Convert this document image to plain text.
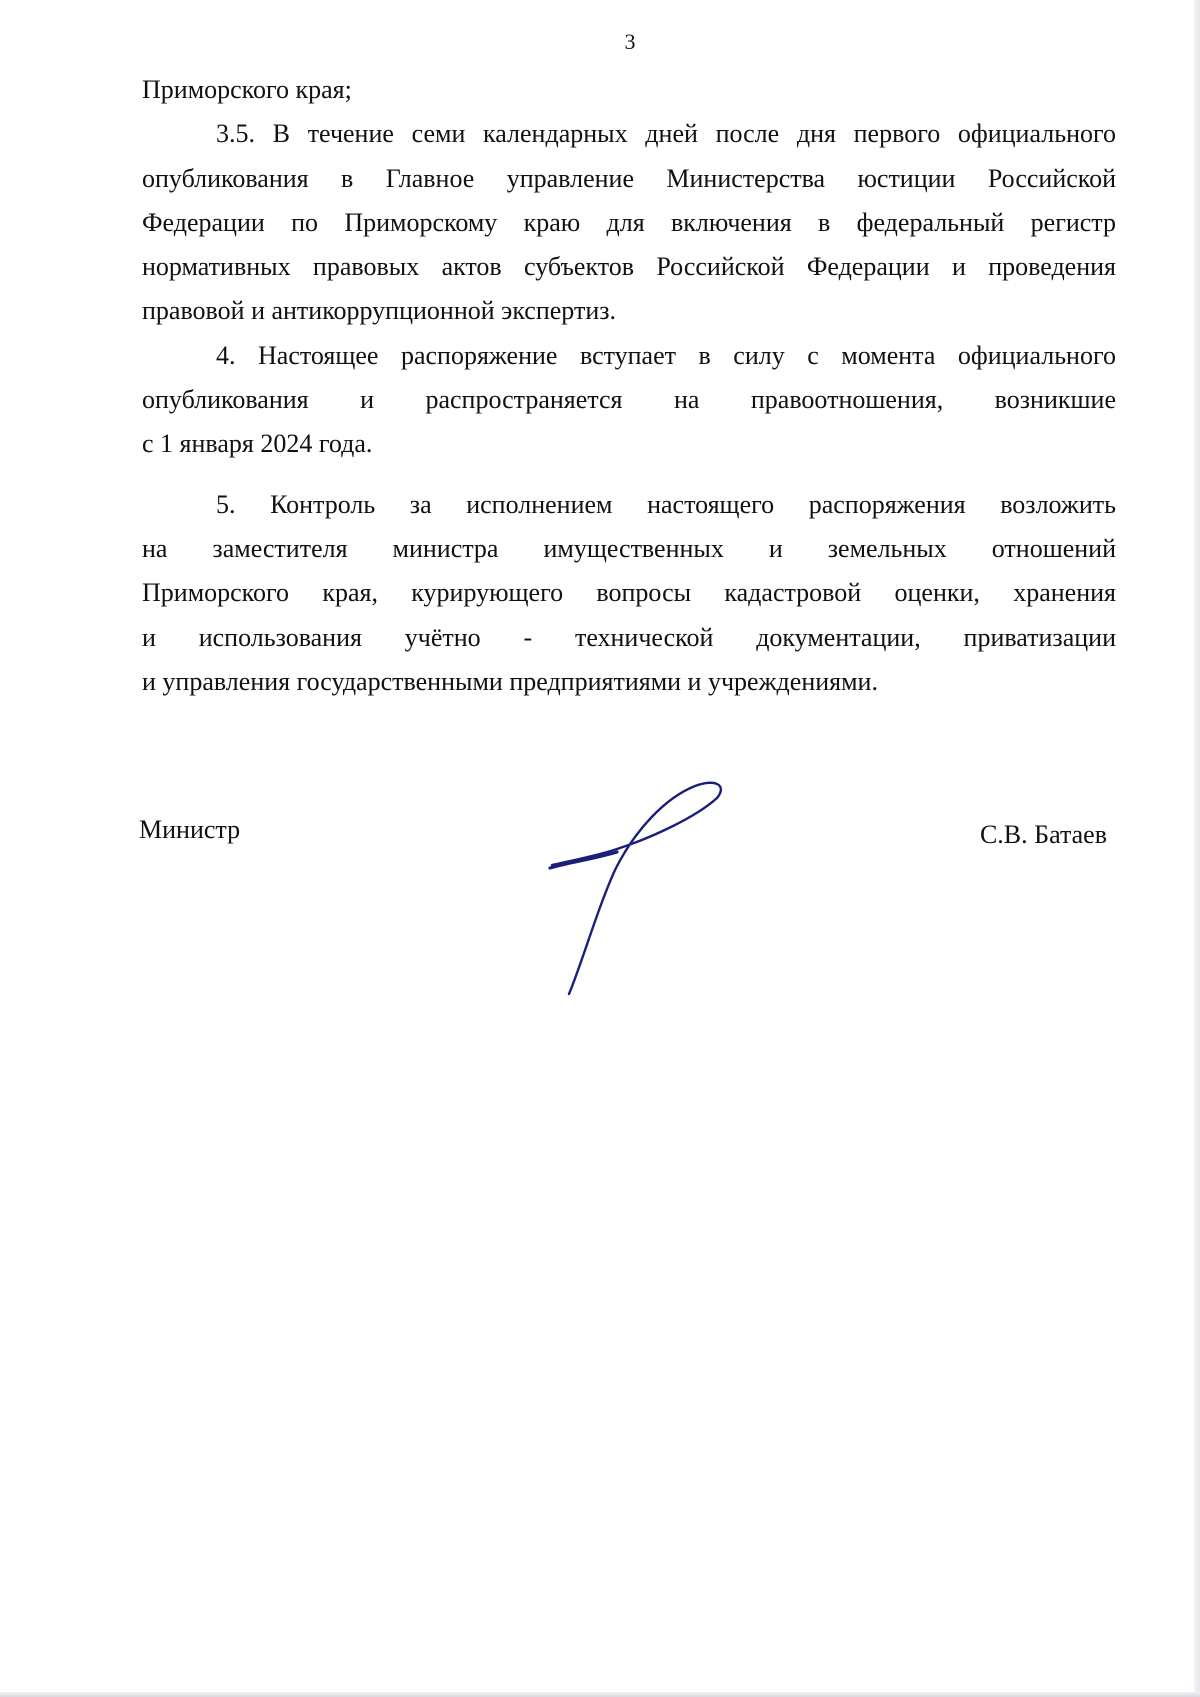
3

Приморского края;

3.5. В течение семи календарных дней после дня первого официального
опубликования в Главное управление Министерства юстиции Российской
Федерации по Приморскому краю для включения в федеральный регистр
нормативных правовых актов субъектов Российской Федерации и проведения
правовой и антикоррупционной экспертиз.

4. Настоящее распоряжение вступает в силу с момента официального
опубликования и распространяется на правоотношения, возникшие
с 1 января 2024 года.

5. Контроль за исполнением настоящего распоряжения возложить
на заместителя министра имущественных и земельных отношений
Приморского края, курирующего вопросы кадастровой оценки, хранения
и использования учётно - технической документации, приватизации
и управления государственными предприятиями и учреждениями.

Министр	С.В. Батаев
